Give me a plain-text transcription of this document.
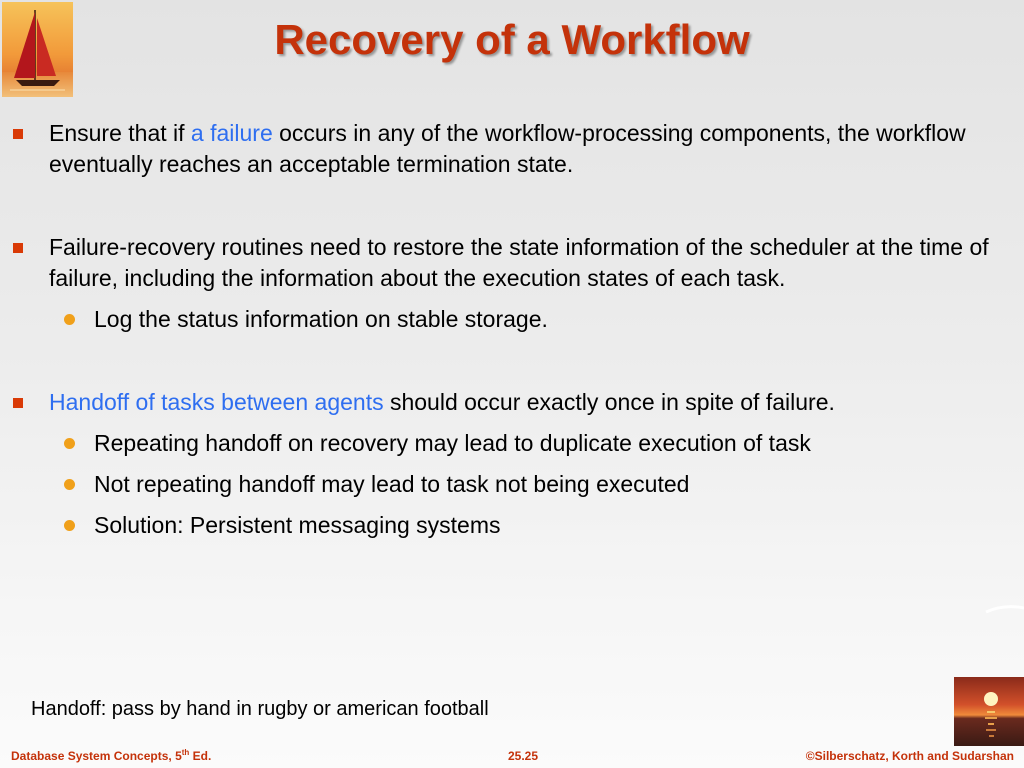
Recovery of a Workflow

Ensure that if a failure occurs in any of the workflow-processing components, the workflow eventually reaches an acceptable termination state.

Failure-recovery routines need to restore the state information of the scheduler at the time of failure, including the information about the execution states of each task.

Log the status information on stable storage.

Handoff of tasks between agents should occur exactly once in spite of failure.

Repeating handoff on recovery may lead to duplicate execution of task

Not repeating handoff may lead to task not being executed

Solution: Persistent messaging systems

Handoff: pass by hand in rugby or american football

Database System Concepts, 5th Ed.	25.25	©Silberschatz, Korth and Sudarshan
